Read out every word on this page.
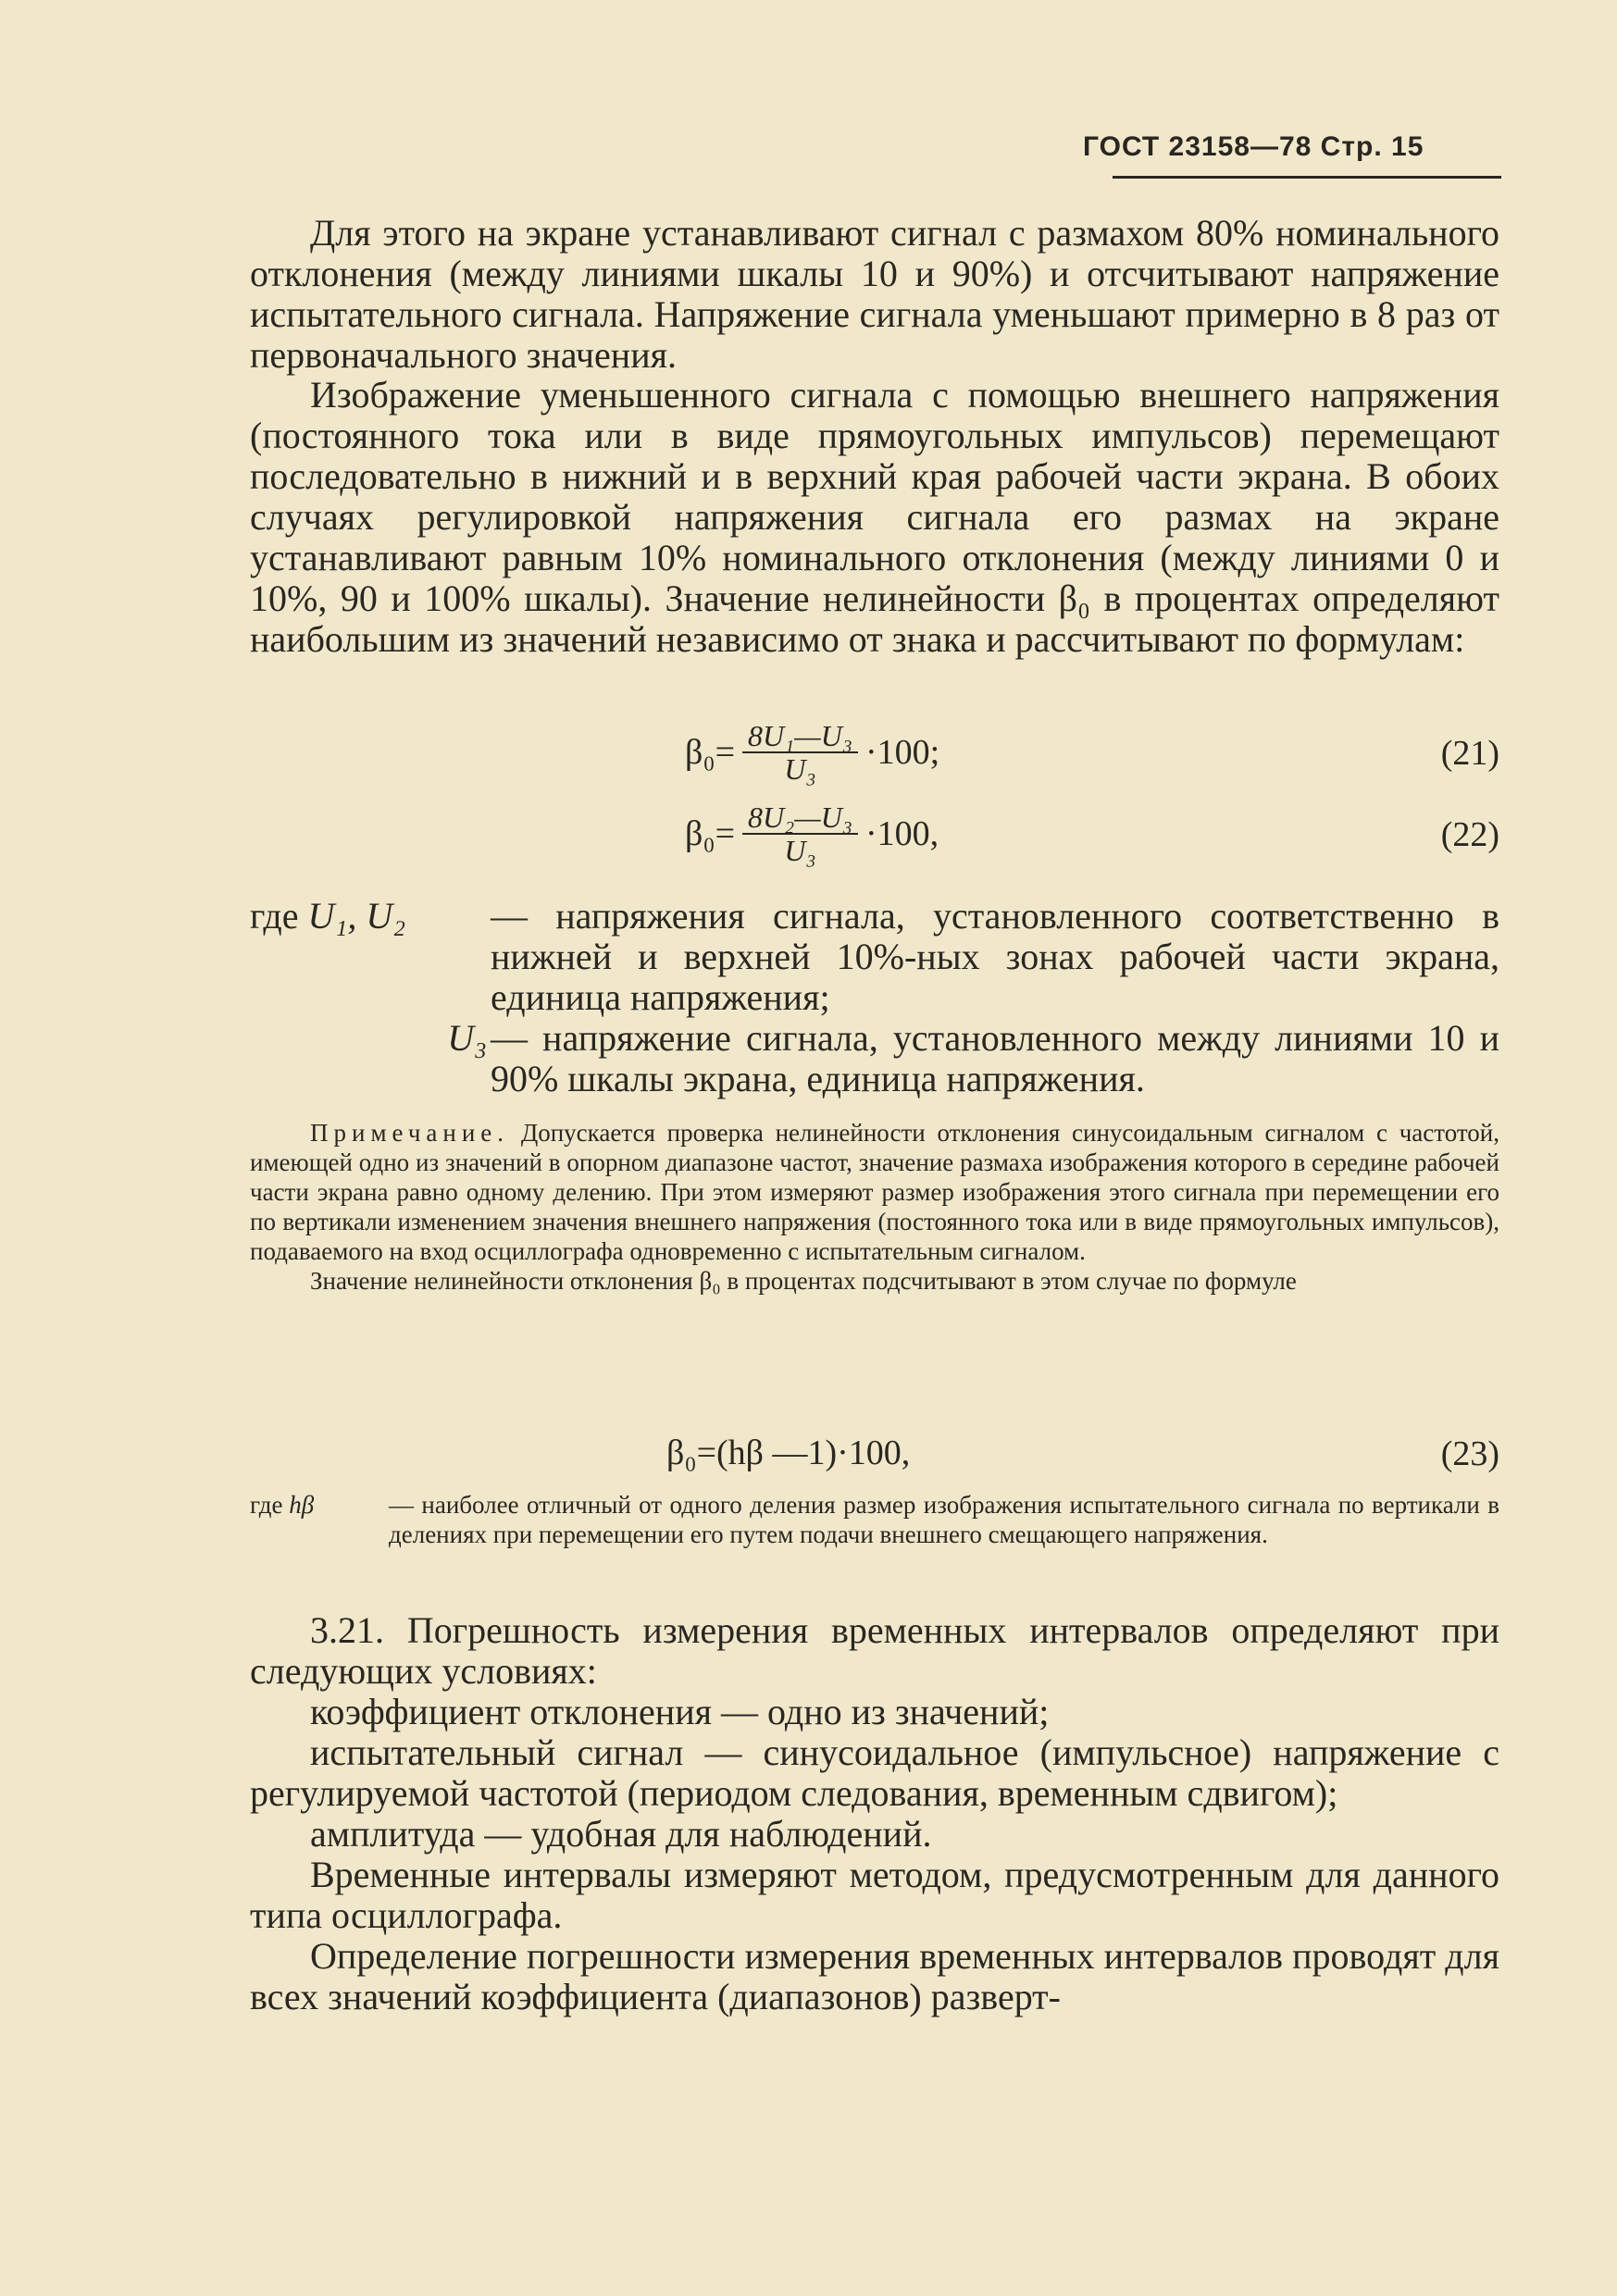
ГОСТ 23158—78 Стр. 15

Для этого на экране устанавливают сигнал с размахом 80% номинального отклонения (между линиями шкалы 10 и 90%) и отсчитывают напряжение испытательного сигнала. Напряжение сигнала уменьшают примерно в 8 раз от первоначального значения.

Изображение уменьшенного сигнала с помощью внешнего напряжения (постоянного тока или в виде прямоугольных импульсов) перемещают последовательно в нижний и в верхний края рабочей части экрана. В обоих случаях регулировкой напряжения сигнала его размах на экране устанавливают равным 10% номинального отклонения (между линиями 0 и 10%, 90 и 100% шкалы). Значение нелинейности β₀ в процентах определяют наибольшим из значений независимо от знака и рассчитывают по формулам:

$\beta_0= \frac{\text{8U₁—U₃}}{\text{U₃}} \cdot 100$;	(21)
$\beta_0= \frac{\text{8U₂—U₃}}{\text{U₃}} \cdot 100$,	(22)
где U₁, U₂	— напряжения сигнала, установленного соответственно в нижней и верхней 10%-ных зонах рабочей части экрана, единица напряжения;

U₃ — напряжение сигнала, установленного между линиями 10 и 90% шкалы экрана, единица напряжения.

Примечание. Допускается проверка нелинейности отклонения синусоидальным сигналом с частотой, имеющей одно из значений в опорном диапазоне частот, значение размаха изображения которого в середине рабочей части экрана равно одному делению. При этом измеряют размер изображения этого сигнала при перемещении его по вертикали изменением значения внешнего напряжения (постоянного тока или в виде прямоугольных импульсов), подаваемого на вход осциллографа одновременно с испытательным сигналом.

Значение нелинейности отклонения β₀ в процентах подсчитывают в этом случае по формуле

β₀=(hβ —1)·100,	(23)
где hβ	— наиболее отличный от одного деления размер изображения испытательного сигнала по вертикали в делениях при перемещении его путем подачи внешнего смещающего напряжения.

3.21. Погрешность измерения временных интервалов определяют при следующих условиях:

коэффициент отклонения — одно из значений;

испытательный сигнал — синусоидальное (импульсное) напряжение с регулируемой частотой (периодом следования, временным сдвигом);

амплитуда — удобная для наблюдений.

Временные интервалы измеряют методом, предусмотренным для данного типа осциллографа.

Определение погрешности измерения временных интервалов проводят для всех значений коэффициента (диапазонов) разверт-
